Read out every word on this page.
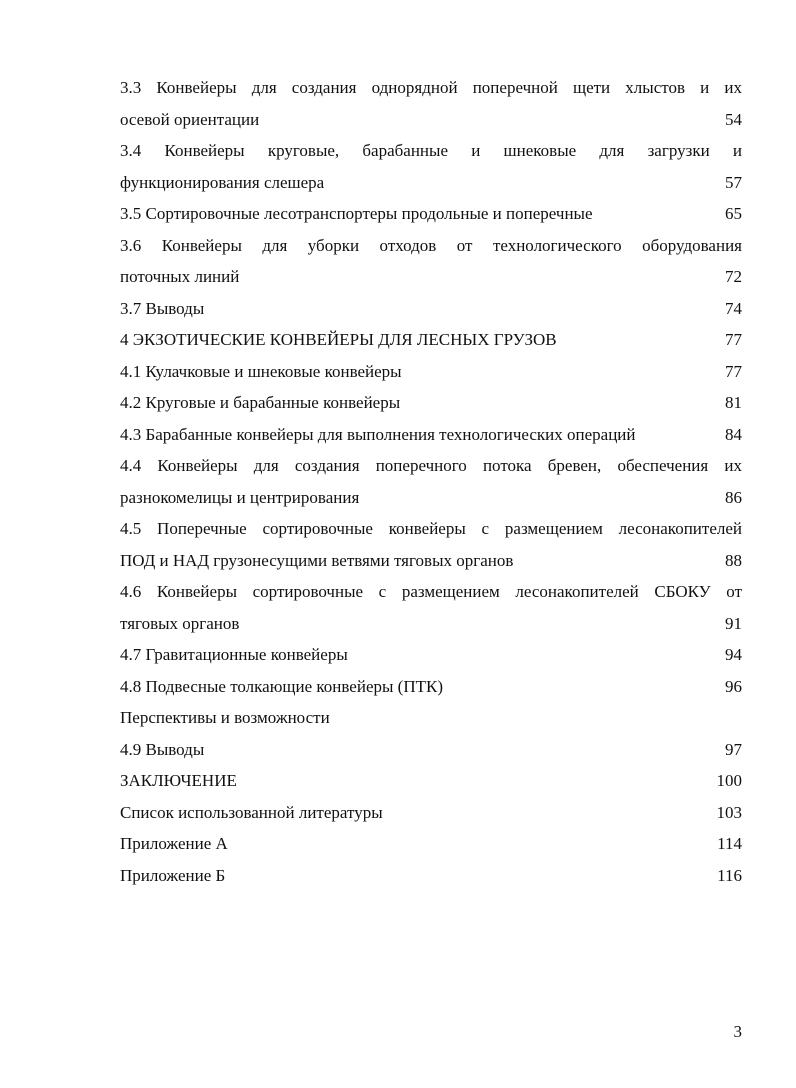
3.3 Конвейеры для создания однорядной поперечной щети хлыстов и их
осевой ориентации	54
3.4 Конвейеры круговые, барабанные и шнековые для загрузки и
функционирования слешера	57
3.5 Сортировочные лесотранспортеры продольные и поперечные	65
3.6 Конвейеры для уборки отходов от технологического оборудования
поточных линий	72
3.7 Выводы	74
4 ЭКЗОТИЧЕСКИЕ КОНВЕЙЕРЫ ДЛЯ ЛЕСНЫХ ГРУЗОВ	77
4.1 Кулачковые и шнековые конвейеры	77
4.2 Круговые и барабанные конвейеры	81
4.3 Барабанные конвейеры для выполнения технологических операций	84
4.4 Конвейеры для создания поперечного потока бревен, обеспечения их
разнокомелицы и центрирования	86
4.5 Поперечные сортировочные конвейеры с размещением лесонакопителей
ПОД и НАД грузонесущими ветвями тяговых органов	88
4.6 Конвейеры сортировочные с размещением лесонакопителей СБОКУ от
тяговых органов	91
4.7 Гравитационные конвейеры	94
4.8 Подвесные толкающие конвейеры (ПТК)	96
Перспективы и возможности
4.9 Выводы	97
ЗАКЛЮЧЕНИЕ	100
Список использованной литературы	103
Приложение А	114
Приложение Б	116
3
